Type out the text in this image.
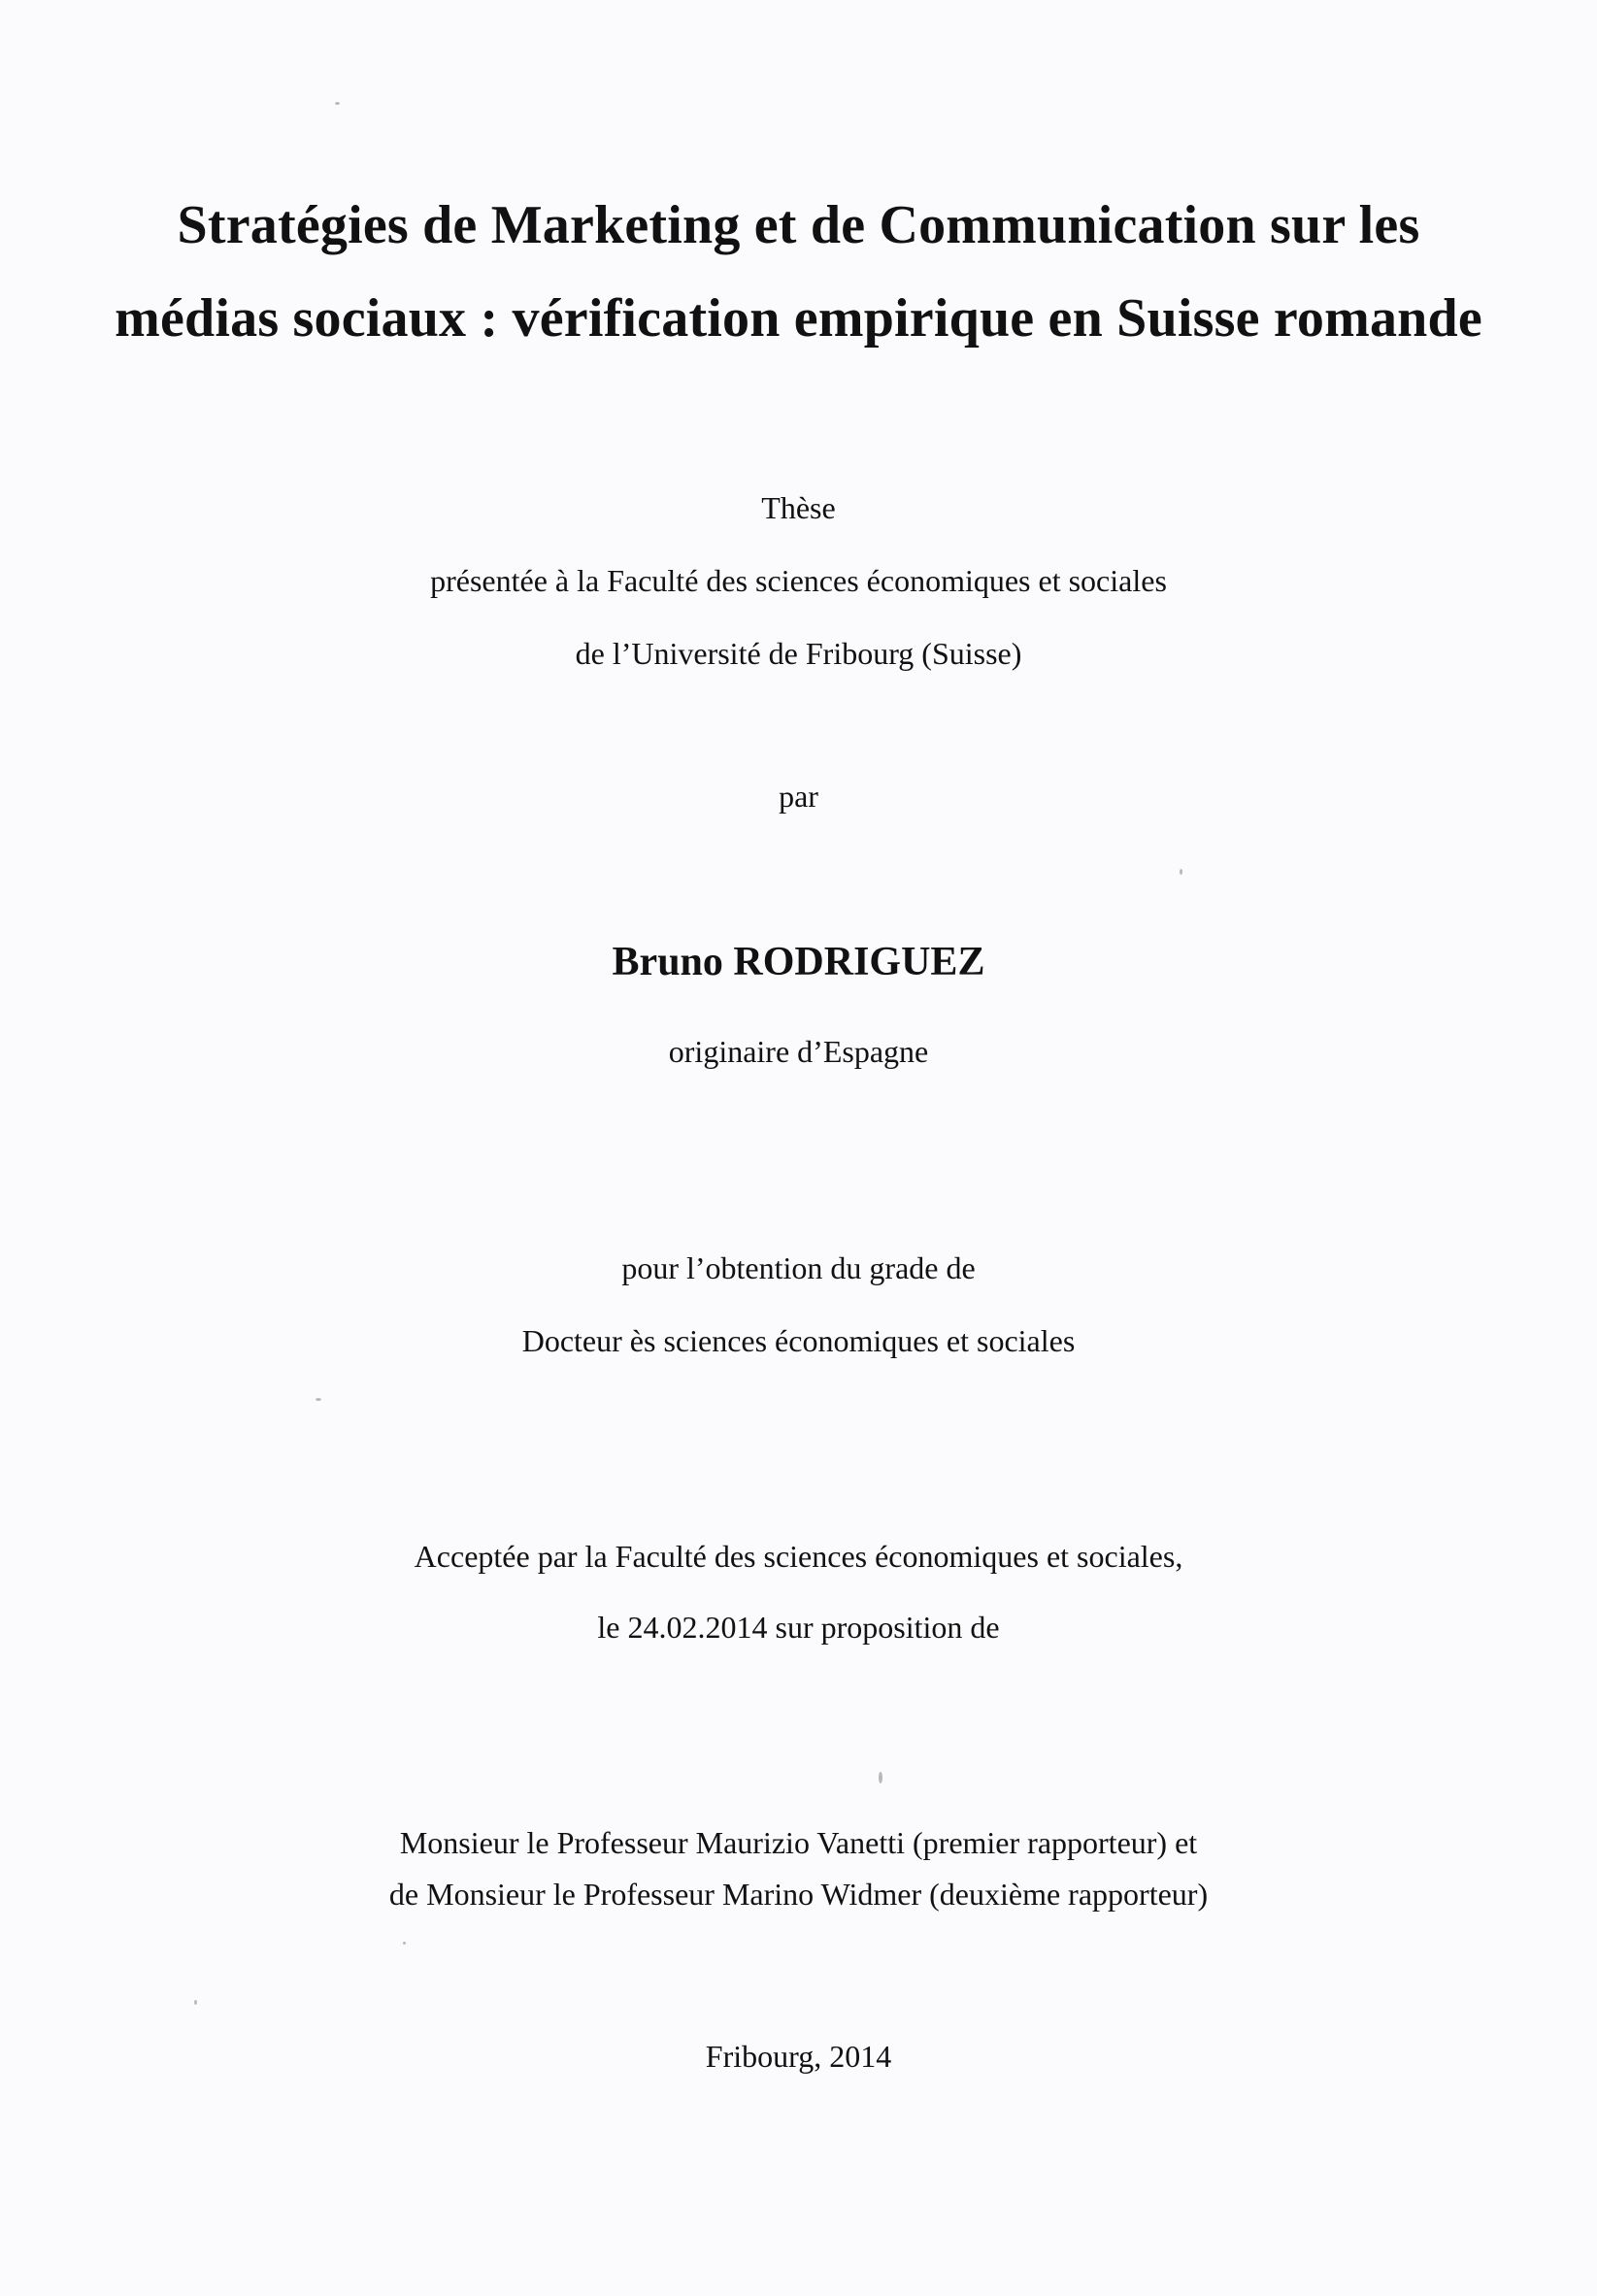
Stratégies de Marketing et de Communication sur les
médias sociaux : vérification empirique en Suisse romande
Thèse
présentée à la Faculté des sciences économiques et sociales
de l’Université de Fribourg (Suisse)
par
Bruno RODRIGUEZ
originaire d’Espagne
pour l’obtention du grade de
Docteur ès sciences économiques et sociales
Acceptée par la Faculté des sciences économiques et sociales,
le 24.02.2014 sur proposition de
Monsieur le Professeur Maurizio Vanetti (premier rapporteur) et
de Monsieur le Professeur Marino Widmer (deuxième rapporteur)
Fribourg, 2014
